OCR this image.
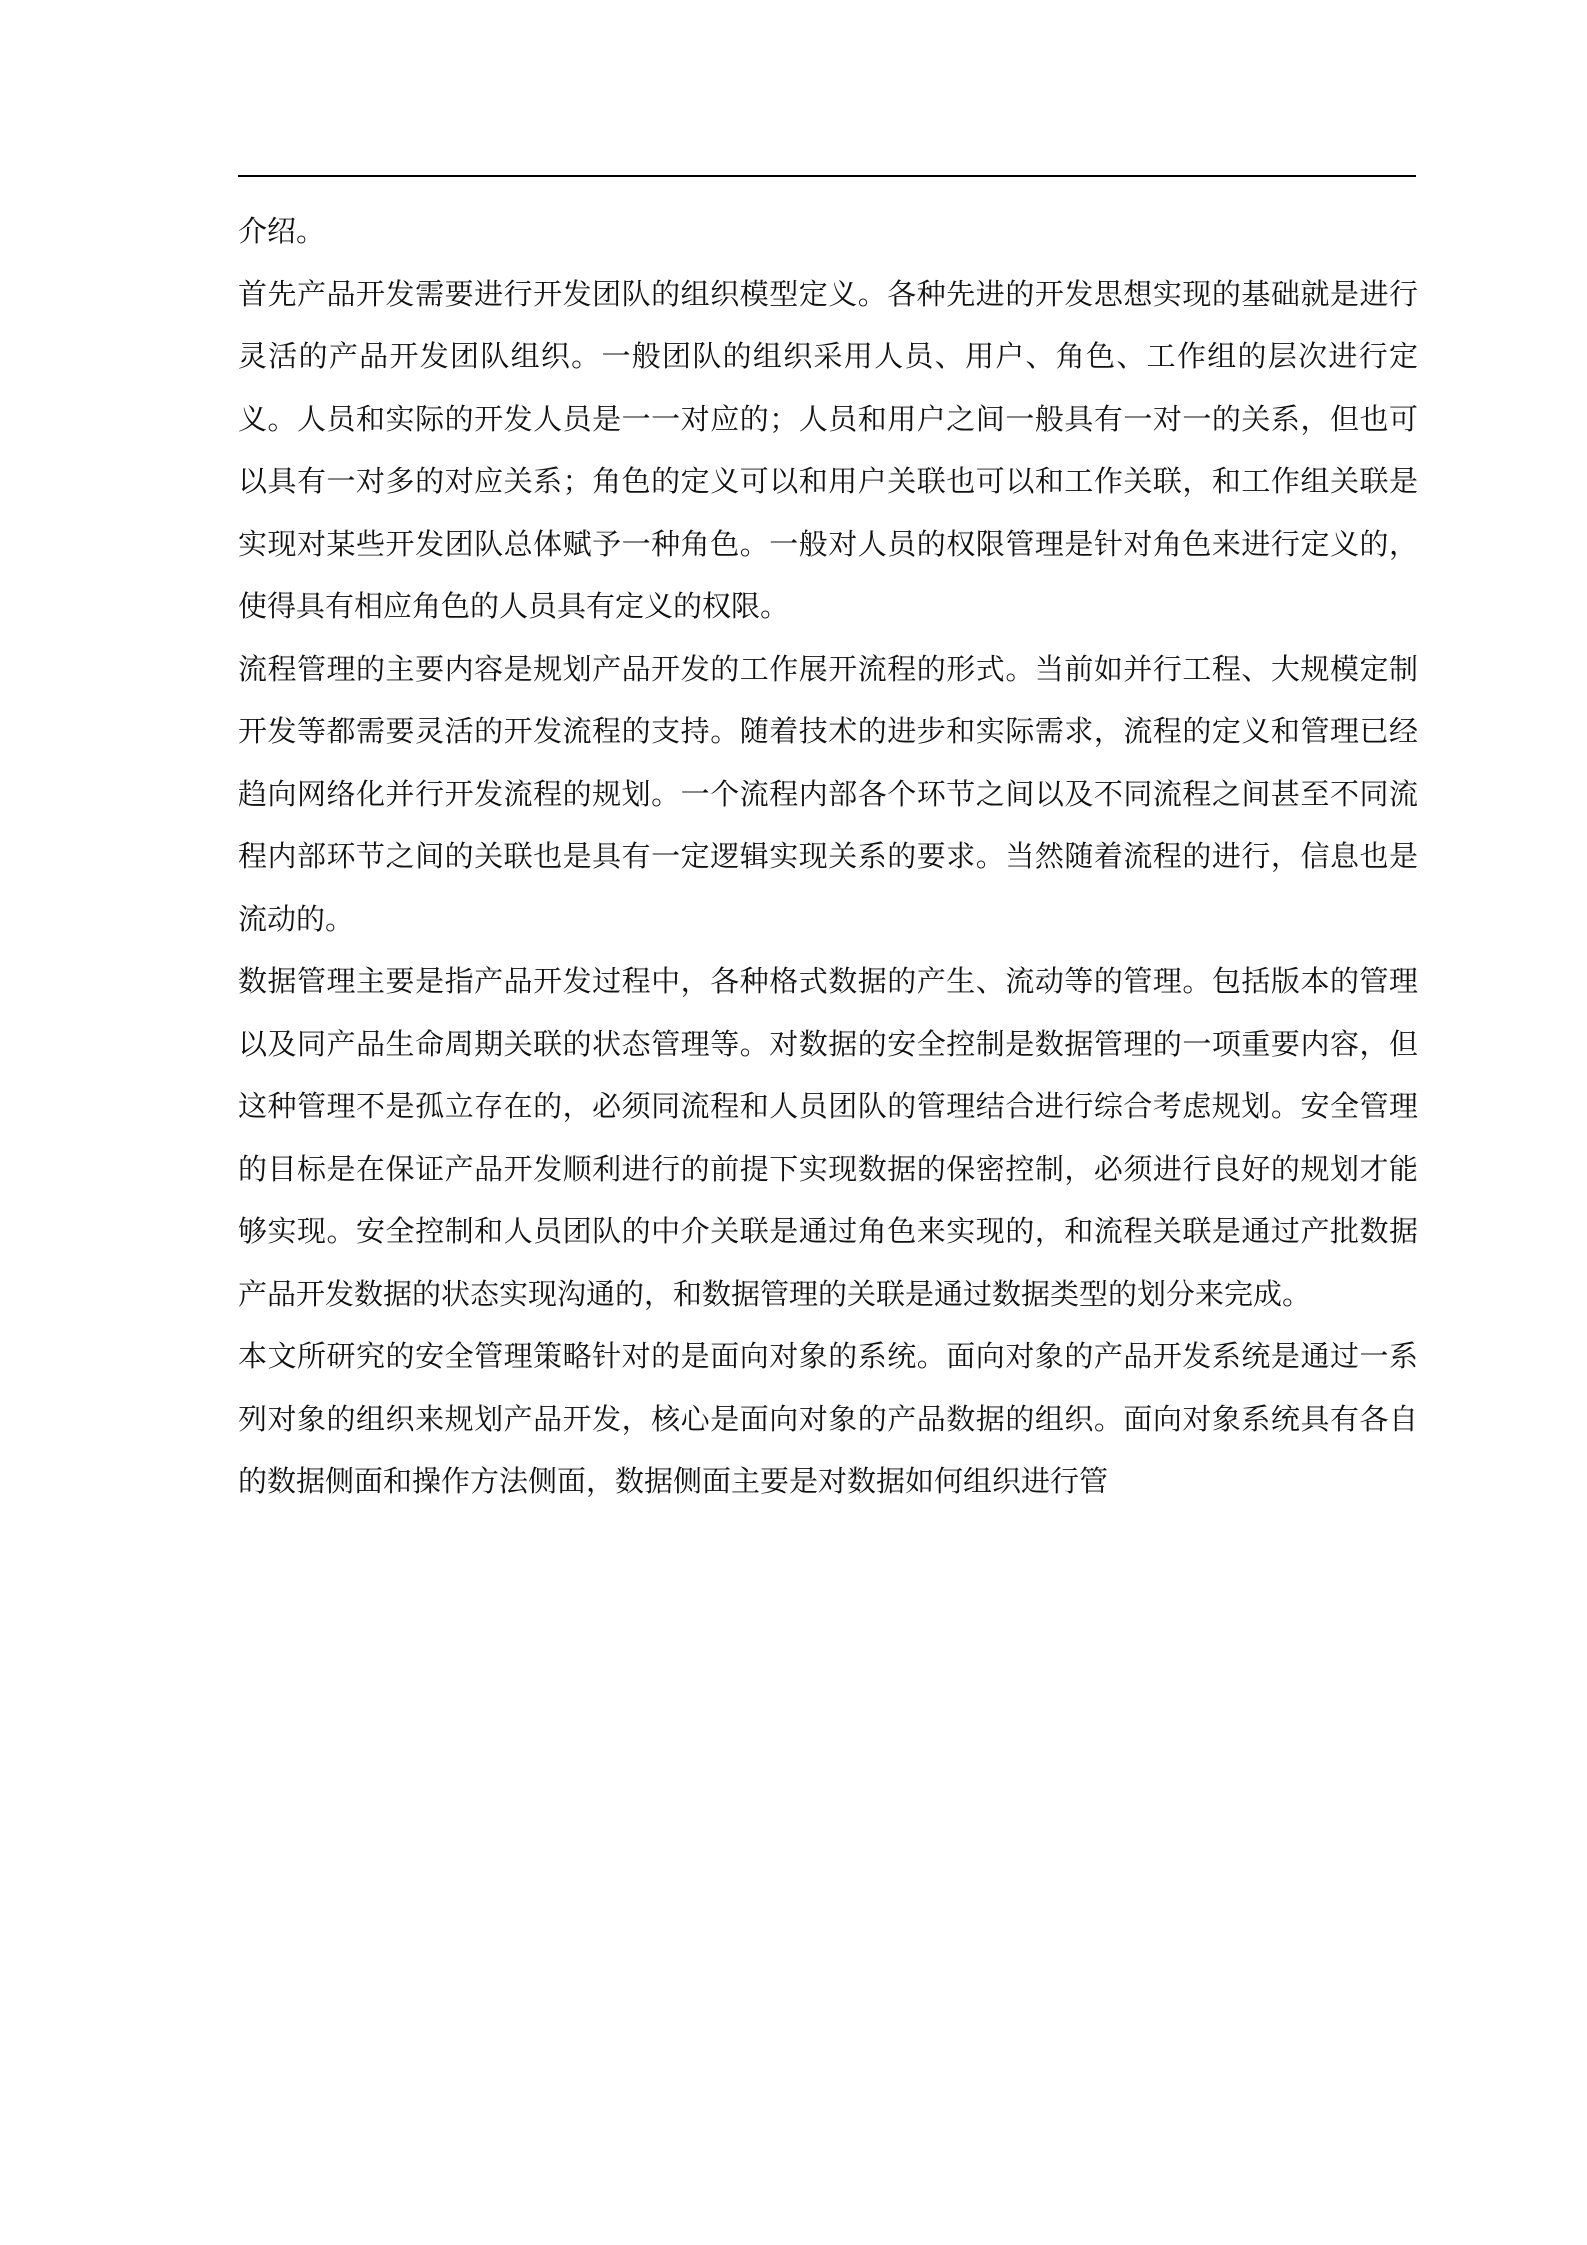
介绍。

首先产品开发需要进行开发团队的组织模型定义。各种先进的开发思想实现的基础就是进行灵活的产品开发团队组织。一般团队的组织采用人员、用户、角色、工作组的层次进行定义。人员和实际的开发人员是一一对应的；人员和用户之间一般具有一对一的关系，但也可以具有一对多的对应关系；角色的定义可以和用户关联也可以和工作关联，和工作组关联是实现对某些开发团队总体赋予一种角色。一般对人员的权限管理是针对角色来进行定义的，使得具有相应角色的人员具有定义的权限。

流程管理的主要内容是规划产品开发的工作展开流程的形式。当前如并行工程、大规模定制开发等都需要灵活的开发流程的支持。随着技术的进步和实际需求，流程的定义和管理已经趋向网络化并行开发流程的规划。一个流程内部各个环节之间以及不同流程之间甚至不同流程内部环节之间的关联也是具有一定逻辑实现关系的要求。当然随着流程的进行，信息也是流动的。

数据管理主要是指产品开发过程中，各种格式数据的产生、流动等的管理。包括版本的管理以及同产品生命周期关联的状态管理等。对数据的安全控制是数据管理的一项重要内容，但这种管理不是孤立存在的，必须同流程和人员团队的管理结合进行综合考虑规划。安全管理的目标是在保证产品开发顺利进行的前提下实现数据的保密控制，必须进行良好的规划才能够实现。安全控制和人员团队的中介关联是通过角色来实现的，和流程关联是通过产批数据产品开发数据的状态实现沟通的，和数据管理的关联是通过数据类型的划分来完成。

本文所研究的安全管理策略针对的是面向对象的系统。面向对象的产品开发系统是通过一系列对象的组织来规划产品开发，核心是面向对象的产品数据的组织。面向对象系统具有各自的数据侧面和操作方法侧面，数据侧面主要是对数据如何组织进行管
